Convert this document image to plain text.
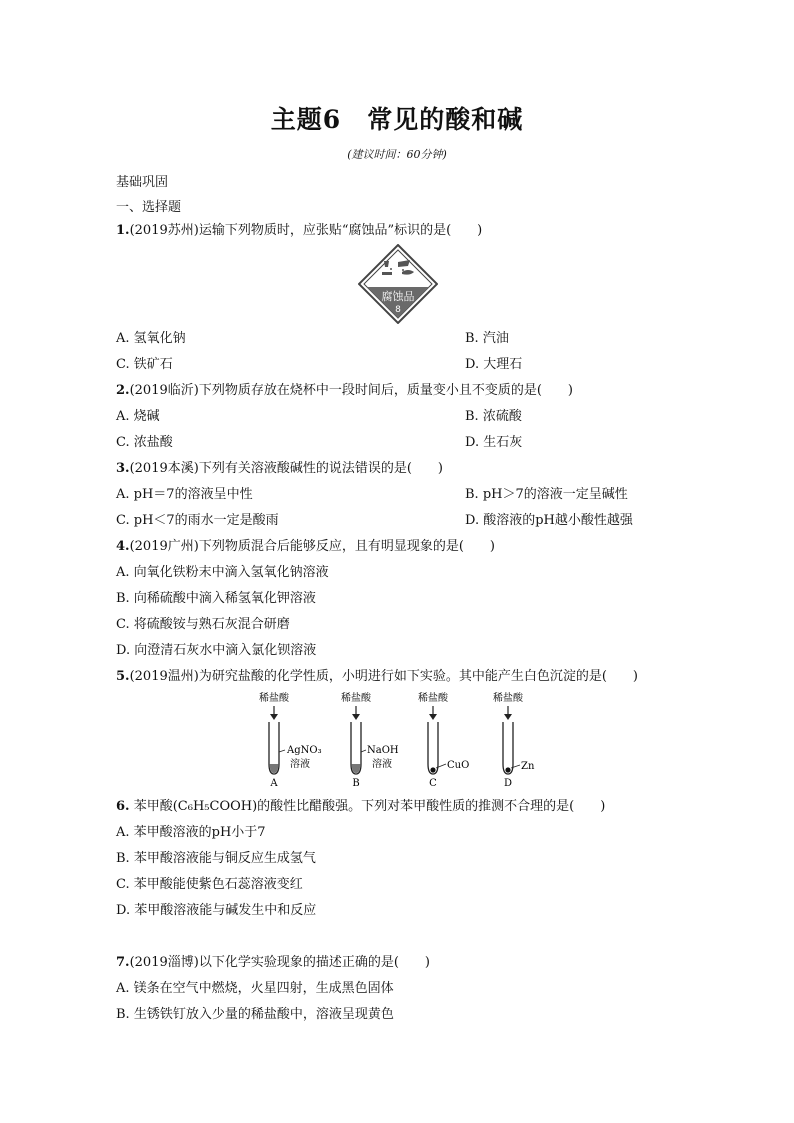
主题6　常见的酸和碱
(建议时间：60分钟)
基础巩固
一、选择题
1.(2019苏州)运输下列物质时，应张贴“腐蚀品”标识的是(　　)
腐蚀品
8
A. 氢氧化钠	B. 汽油
C. 铁矿石	D. 大理石
2.(2019临沂)下列物质存放在烧杯中一段时间后，质量变小且不变质的是(　　)
A. 烧碱	B. 浓硫酸
C. 浓盐酸	D. 生石灰
3.(2019本溪)下列有关溶液酸碱性的说法错误的是(　　)
A. pH＝7的溶液呈中性	B. pH＞7的溶液一定呈碱性
C. pH＜7的雨水一定是酸雨	D. 酸溶液的pH越小酸性越强
4.(2019广州)下列物质混合后能够反应，且有明显现象的是(　　)
A. 向氧化铁粉末中滴入氢氧化钠溶液
B. 向稀硫酸中滴入稀氢氧化钾溶液
C. 将硫酸铵与熟石灰混合研磨
D. 向澄清石灰水中滴入氯化钡溶液
5.(2019温州)为研究盐酸的化学性质，小明进行如下实验。其中能产生白色沉淀的是(　　)
稀盐酸
AgNO₃
溶液
A
稀盐酸
NaOH
溶液
B
稀盐酸
CuO
C
稀盐酸
Zn
D
6. 苯甲酸(C₆H₅COOH)的酸性比醋酸强。下列对苯甲酸性质的推测不合理的是(　　)
A. 苯甲酸溶液的pH小于7
B. 苯甲酸溶液能与铜反应生成氢气
C. 苯甲酸能使紫色石蕊溶液变红
D. 苯甲酸溶液能与碱发生中和反应
7.(2019淄博)以下化学实验现象的描述正确的是(　　)
A. 镁条在空气中燃烧，火星四射，生成黑色固体
B. 生锈铁钉放入少量的稀盐酸中，溶液呈现黄色
